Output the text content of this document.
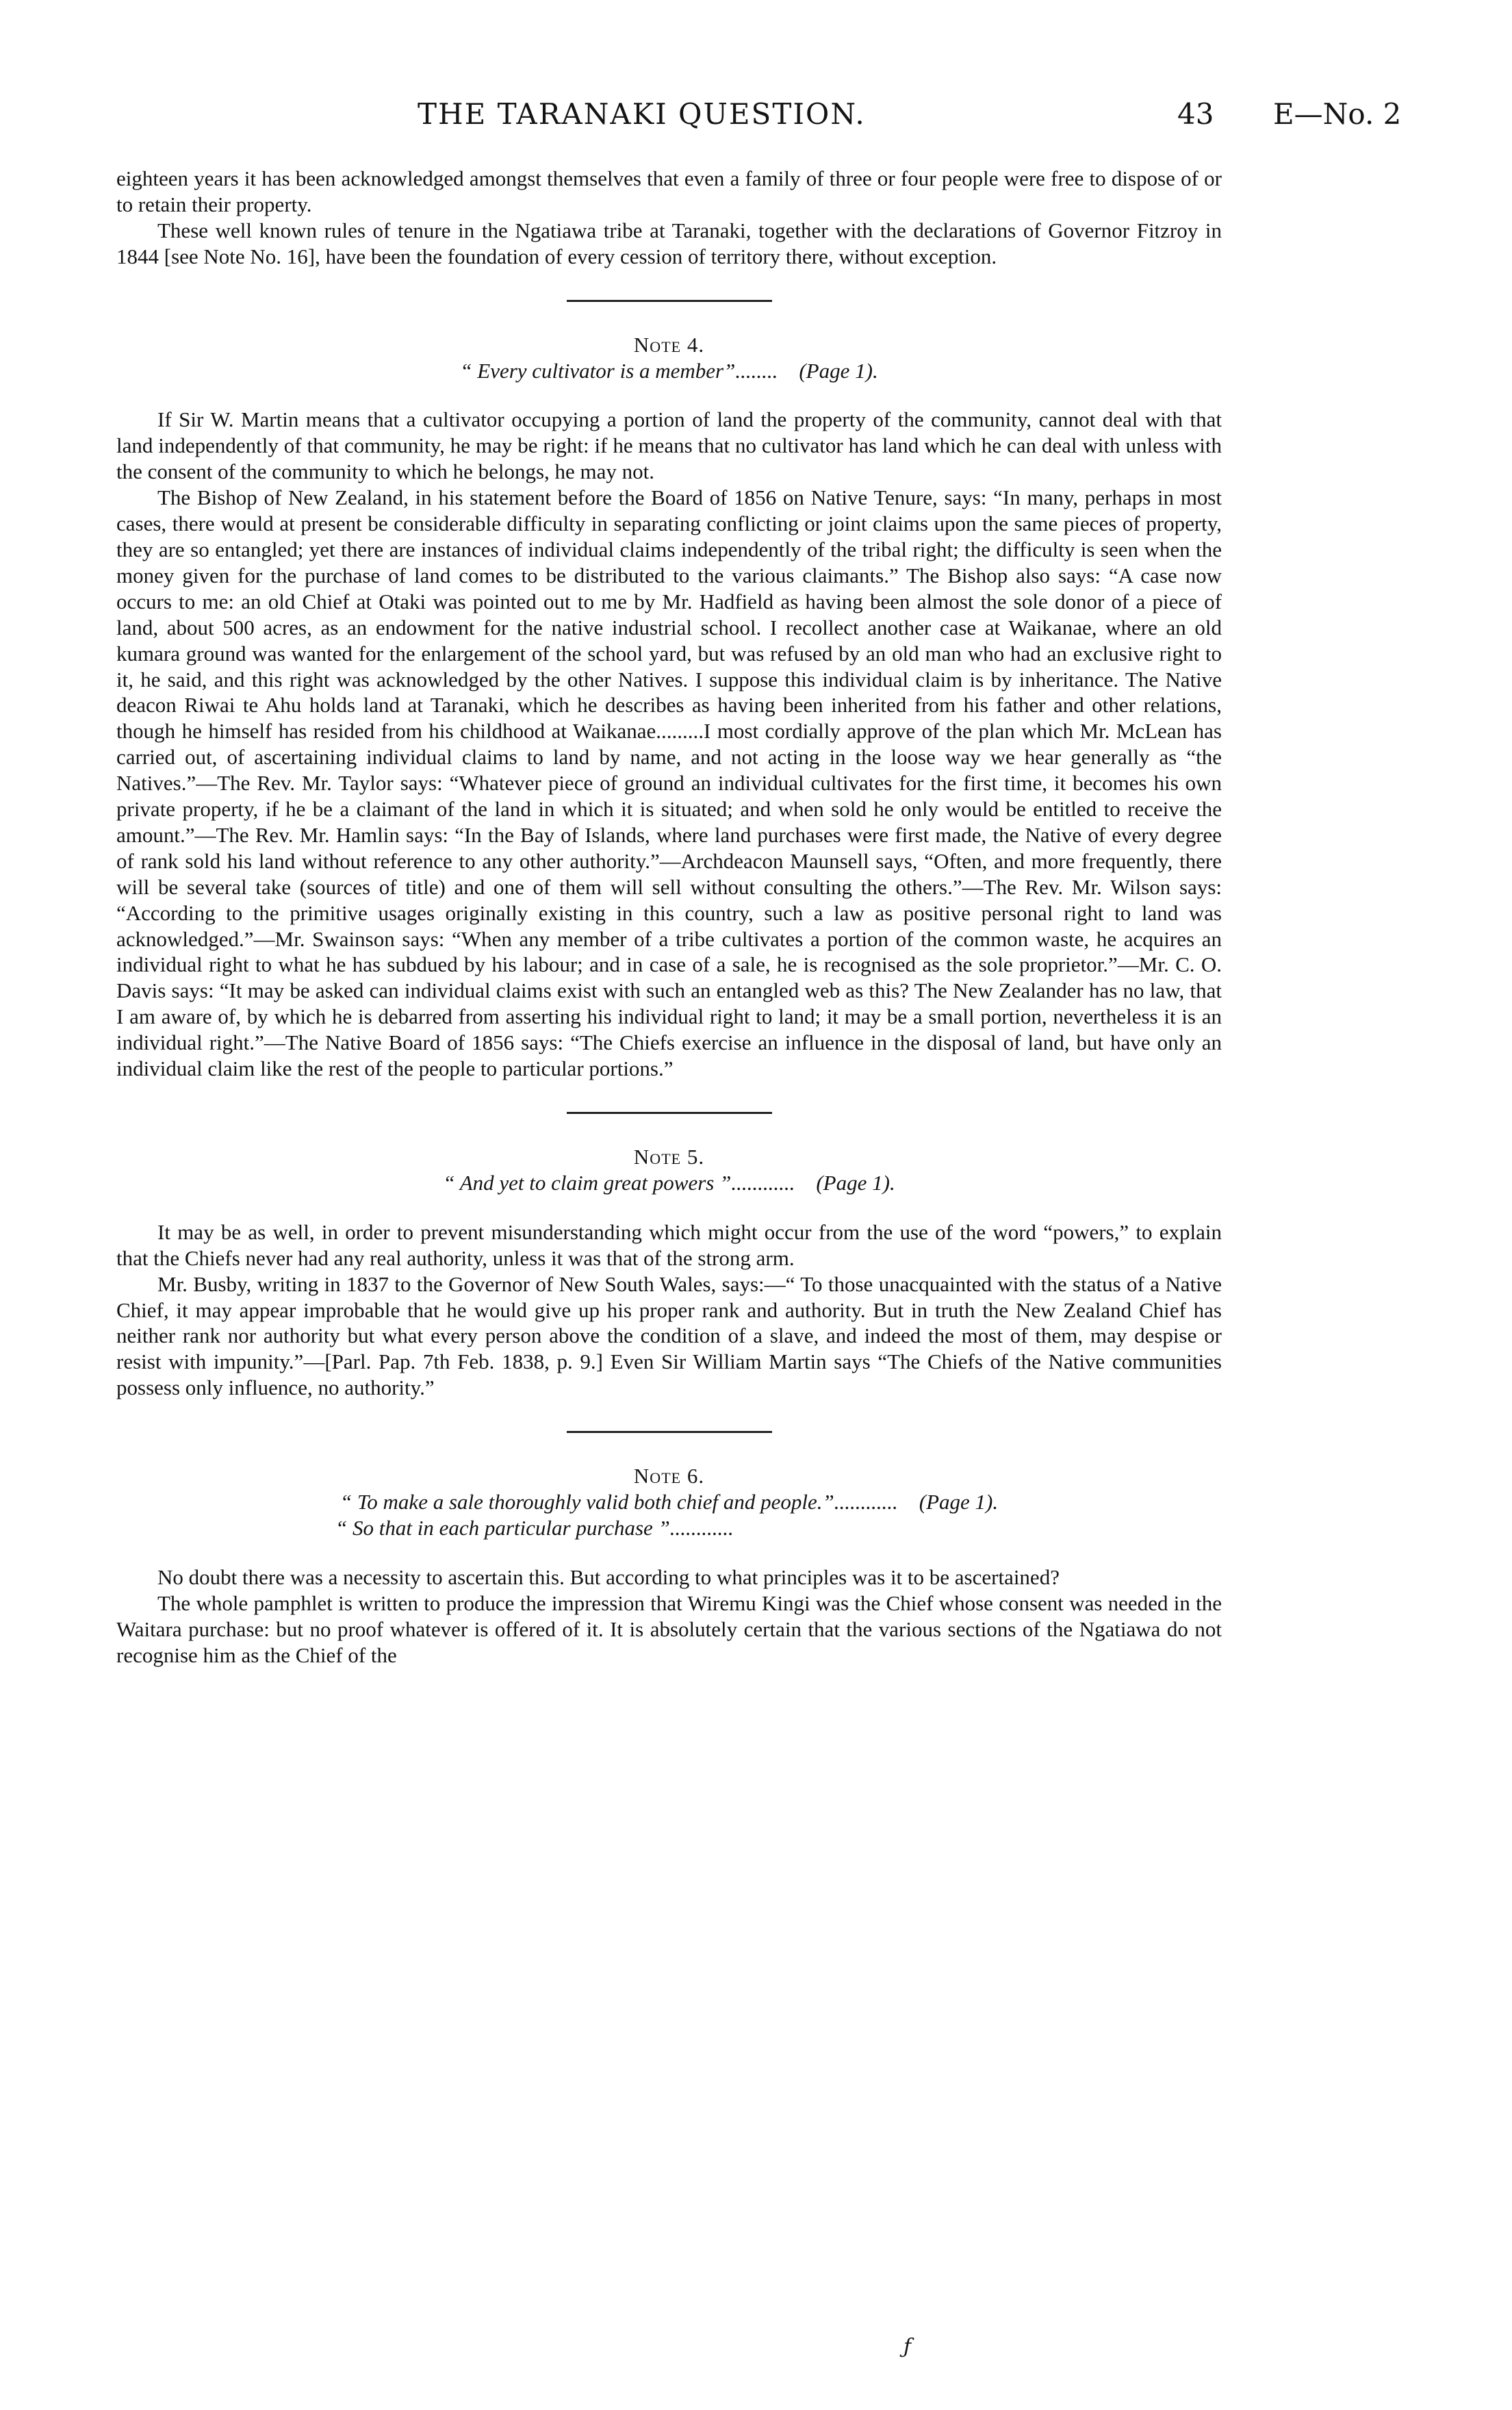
THE TARANAKI QUESTION.	43 E—No. 2

eighteen years it has been acknowledged amongst themselves that even a family of three or four people were free to dispose of or to retain their property.

These well known rules of tenure in the Ngatiawa tribe at Taranaki, together with the declarations of Governor Fitzroy in 1844 [see Note No. 16], have been the foundation of every cession of territory there, without exception.

Note 4.

“ Every cultivator is a member”........ (Page 1).

If Sir W. Martin means that a cultivator occupying a portion of land the property of the community, cannot deal with that land independently of that community, he may be right: if he means that no cultivator has land which he can deal with unless with the consent of the community to which he belongs, he may not.

The Bishop of New Zealand, in his statement before the Board of 1856 on Native Tenure, says: “In many, perhaps in most cases, there would at present be considerable difficulty in separating conflicting or joint claims upon the same pieces of property, they are so entangled; yet there are instances of individual claims independently of the tribal right; the difficulty is seen when the money given for the purchase of land comes to be distributed to the various claimants.” The Bishop also says: “A case now occurs to me: an old Chief at Otaki was pointed out to me by Mr. Hadfield as having been almost the sole donor of a piece of land, about 500 acres, as an endowment for the native industrial school. I recollect another case at Waikanae, where an old kumara ground was wanted for the enlargement of the school yard, but was refused by an old man who had an exclusive right to it, he said, and this right was acknowledged by the other Natives. I suppose this individual claim is by inheritance. The Native deacon Riwai te Ahu holds land at Taranaki, which he describes as having been inherited from his father and other relations, though he himself has resided from his childhood at Waikanae.........I most cordially approve of the plan which Mr. McLean has carried out, of ascertaining individual claims to land by name, and not acting in the loose way we hear generally as “the Natives.”—The Rev. Mr. Taylor says: “Whatever piece of ground an individual cultivates for the first time, it becomes his own private property, if he be a claimant of the land in which it is situated; and when sold he only would be entitled to receive the amount.”—The Rev. Mr. Hamlin says: “In the Bay of Islands, where land purchases were first made, the Native of every degree of rank sold his land without reference to any other authority.”—Archdeacon Maunsell says, “Often, and more frequently, there will be several take (sources of title) and one of them will sell without consulting the others.”—The Rev. Mr. Wilson says: “According to the primitive usages originally existing in this country, such a law as positive personal right to land was acknowledged.”—Mr. Swainson says: “When any member of a tribe cultivates a portion of the common waste, he acquires an individual right to what he has subdued by his labour; and in case of a sale, he is recognised as the sole proprietor.”—Mr. C. O. Davis says: “It may be asked can individual claims exist with such an entangled web as this? The New Zealander has no law, that I am aware of, by which he is debarred from asserting his individual right to land; it may be a small portion, nevertheless it is an individual right.”—The Native Board of 1856 says: “The Chiefs exercise an influence in the disposal of land, but have only an individual claim like the rest of the people to particular portions.”

Note 5.

“ And yet to claim great powers ”............ (Page 1).

It may be as well, in order to prevent misunderstanding which might occur from the use of the word “powers,” to explain that the Chiefs never had any real authority, unless it was that of the strong arm.

Mr. Busby, writing in 1837 to the Governor of New South Wales, says:—“ To those unacquainted with the status of a Native Chief, it may appear improbable that he would give up his proper rank and authority. But in truth the New Zealand Chief has neither rank nor authority but what every person above the condition of a slave, and indeed the most of them, may despise or resist with impunity.”—[Parl. Pap. 7th Feb. 1838, p. 9.] Even Sir William Martin says “The Chiefs of the Native communities possess only influence, no authority.”

Note 6.

“ To make a sale thoroughly valid both chief and people.”............ (Page 1).

“ So that in each particular purchase ”............

No doubt there was a necessity to ascertain this. But according to what principles was it to be ascertained?

The whole pamphlet is written to produce the impression that Wiremu Kingi was the Chief whose consent was needed in the Waitara purchase: but no proof whatever is offered of it. It is absolutely certain that the various sections of the Ngatiawa do not recognise him as the Chief of the

ƒ
